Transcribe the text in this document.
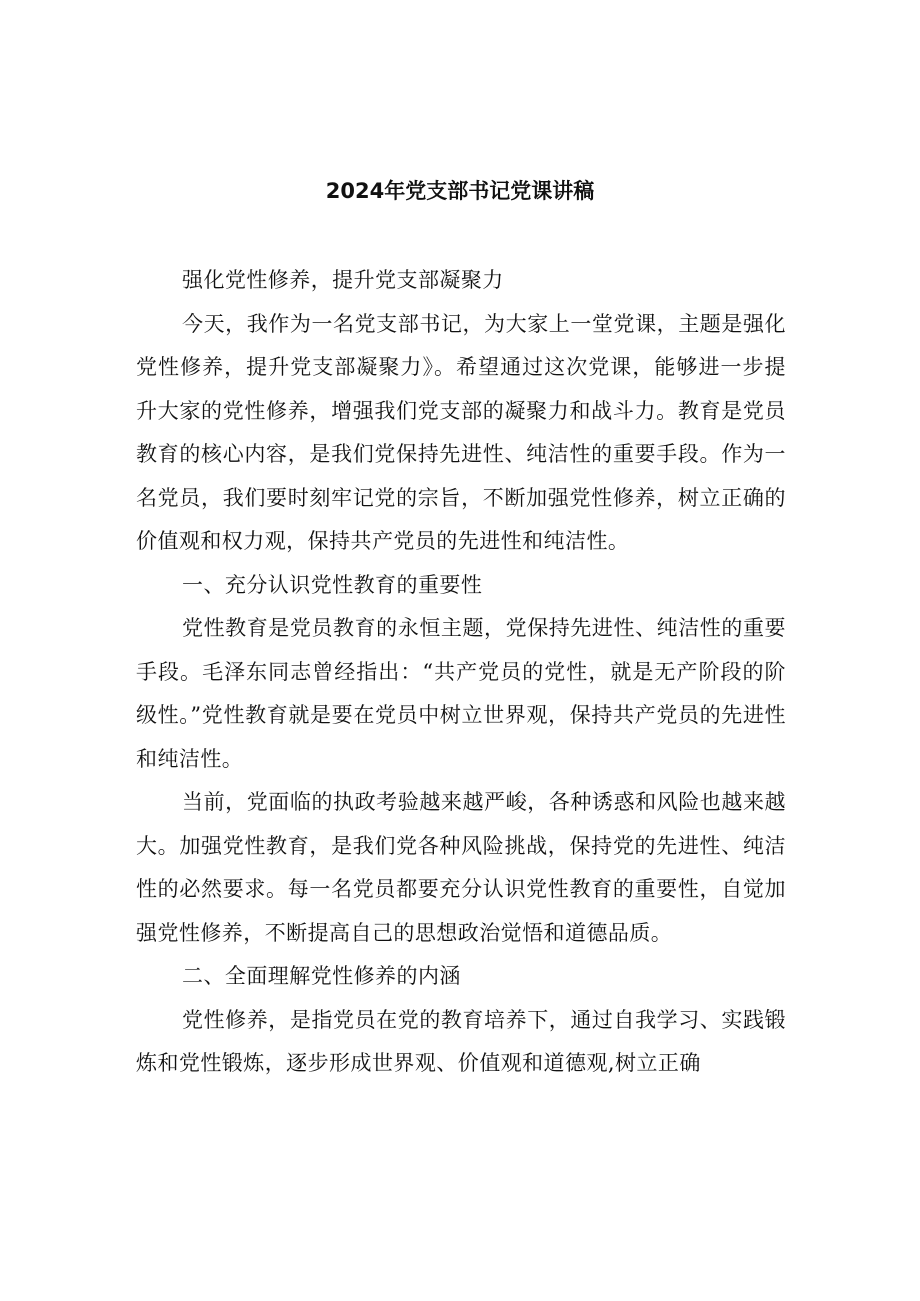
2024年党支部书记党课讲稿

强化党性修养，提升党支部凝聚力

今天，我作为一名党支部书记，为大家上一堂党课，主题是强化党性修养，提升党支部凝聚力》。希望通过这次党课，能够进一步提升大家的党性修养，增强我们党支部的凝聚力和战斗力。教育是党员教育的核心内容，是我们党保持先进性、纯洁性的重要手段。作为一名党员，我们要时刻牢记党的宗旨，不断加强党性修养，树立正确的价值观和权力观，保持共产党员的先进性和纯洁性。

一、充分认识党性教育的重要性

党性教育是党员教育的永恒主题，党保持先进性、纯洁性的重要手段。毛泽东同志曾经指出：“共产党员的党性，就是无产阶段的阶级性。”党性教育就是要在党员中树立世界观，保持共产党员的先进性和纯洁性。

当前，党面临的执政考验越来越严峻，各种诱惑和风险也越来越大。加强党性教育，是我们党各种风险挑战，保持党的先进性、纯洁性的必然要求。每一名党员都要充分认识党性教育的重要性，自觉加强党性修养，不断提高自己的思想政治觉悟和道德品质。

二、全面理解党性修养的内涵

党性修养，是指党员在党的教育培养下，通过自我学习、实践锻炼和党性锻炼，逐步形成世界观、价值观和道德观,树立正确
